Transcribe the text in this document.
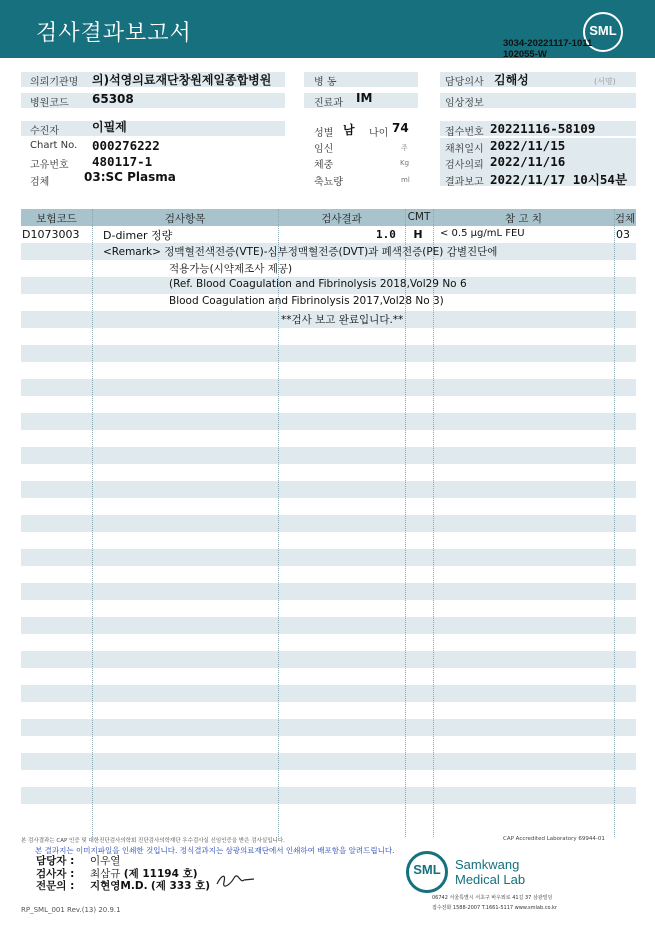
검사결과보고서	SML
3034-20221117-1011
102055-W
의뢰기관명 의)석영의료재단창원제일종합병원
병원코드 65308
수진자	이필제
Chart No. 000276222
고유번호 480117-1
검체	03:SC Plasma
병 동
진료과 IM
성별 남 나이 74
임신	주
체중	Kg
축뇨량	ml
담당의사 김해성	(서명)
임상정보
접수번호 20221116-58109
채취일시 2022/11/15
검사의뢰 2022/11/16
결과보고 2022/11/17 10시54분
보험코드	검사항목	검사결과	CMT	참 고 치	검체
D1073003 D-dimer 정량	1.0	H	< 0.5 μg/mL FEU	03
<Remark> 정맥혈전색전증(VTE)-심부정맥혈전증(DVT)과 폐색전증(PE) 감별진단에
적용가능(시약제조사 제공)
(Ref. Blood Coagulation and Fibrinolysis 2018,Vol29 No 6
Blood Coagulation and Fibrinolysis 2017,Vol28 No 3)
**검사 보고 완료입니다.**
본 검사결과는 CAP 인증 및 대한진단검사의학회 진단검사의학재단 우수검사실 신임인증을 받은 검사실입니다.	CAP Accredited Laboratory 69944-01
본 결과지는 이미지파일을 인쇄한 것입니다. 정식결과지는 삼광의료재단에서 인쇄하여 배포함을 알려드립니다.
담당자 : 이우열
검사자 : 최삼규 (제 11194 호)
전문의 : 지현영M.D. (제 333 호)
SML	Samkwang
Medical Lab
06742 서울특별시 서초구 바우뫼로 41길 37 삼광빌딩
접수전화 1588-2007 T.1661-5117 www.smlab.co.kr
RP_SML_001 Rev.(13) 20.9.1
